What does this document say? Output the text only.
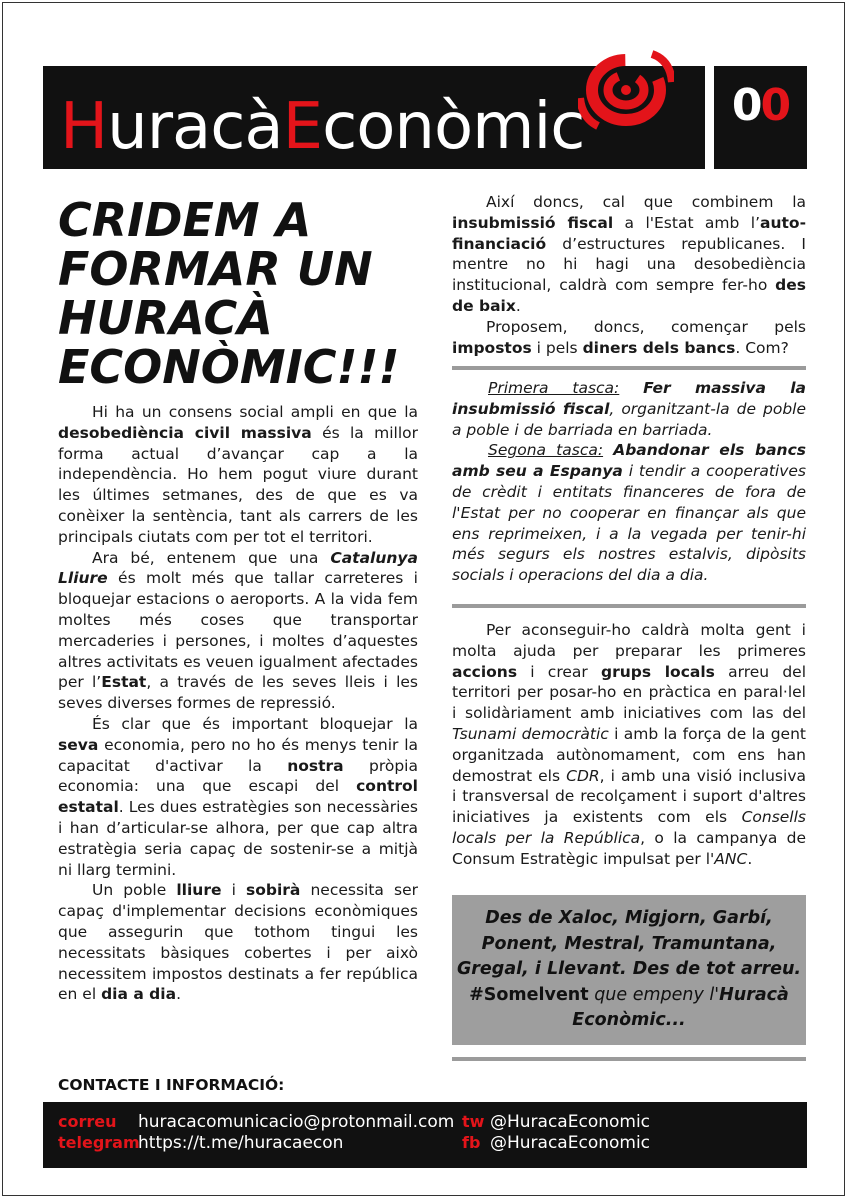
HuracàEconòmic	00
CRIDEM A FORMAR UN HURACÀ ECONÒMIC!!!

Hi ha un consens social ampli en que la desobediència civil massiva és la millor forma actual d’avançar cap a la independència. Ho hem pogut viure durant les últimes setmanes, des de que es va conèixer la sentència, tant als carrers de les principals ciutats com per tot el territori.

Ara bé, entenem que una Catalunya Lliure és molt més que tallar carreteres i bloquejar estacions o aeroports. A la vida fem moltes més coses que transportar mercaderies i persones, i moltes d’aquestes altres activitats es veuen igualment afectades per l’Estat, a través de les seves lleis i les seves diverses formes de repressió.

És clar que és important bloquejar la seva economia, pero no ho és menys tenir la capacitat d'activar la nostra pròpia economia: una que escapi del control estatal. Les dues estratègies son necessàries i han d’articular-se alhora, per que cap altra estratègia seria capaç de sostenir-se a mitjà ni llarg termini.

Un poble lliure i sobirà necessita ser capaç d'implementar decisions econòmiques que assegurin que tothom tingui les necessitats bàsiques cobertes i per això necessitem impostos destinats a fer república en el dia a dia.

Així doncs, cal que combinem la insubmissió fiscal a l'Estat amb l’auto-financiació d’estructures republicanes. I mentre no hi hagi una desobediència institucional, caldrà com sempre fer-ho des de baix.

Proposem, doncs, començar pels impostos i pels diners dels bancs. Com?

Primera tasca: Fer massiva la insubmissió fiscal, organitzant-la de poble a poble i de barriada en barriada.

Segona tasca: Abandonar els bancs amb seu a Espanya i tendir a cooperatives de crèdit i entitats financeres de fora de l'Estat per no cooperar en finançar als que ens reprimeixen, i a la vegada per tenir-hi més segurs els nostres estalvis, dipòsits socials i operacions del dia a dia.

Per aconseguir-ho caldrà molta gent i molta ajuda per preparar les primeres accions i crear grups locals arreu del territori per posar-ho en pràctica en paral·lel i solidàriament amb iniciatives com las del Tsunami democràtic i amb la força de la gent organitzada autònomament, com ens han demostrat els CDR, i amb una visió inclusiva i transversal de recolçament i suport d'altres iniciatives ja existents com els Consells locals per la República, o la campanya de Consum Estratègic impulsat per l'ANC.

Des de Xaloc, Migjorn, Garbí, Ponent, Mestral, Tramuntana, Gregal, i Llevant. Des de tot arreu. #Somelvent que empeny l'Huracà Econòmic...
CONTACTE I INFORMACIÓ:
correu huracacomunicacio@protonmail.com
telegram
https://t.me/huracaecon
tw @HuracaEconomic
fb @HuracaEconomic
